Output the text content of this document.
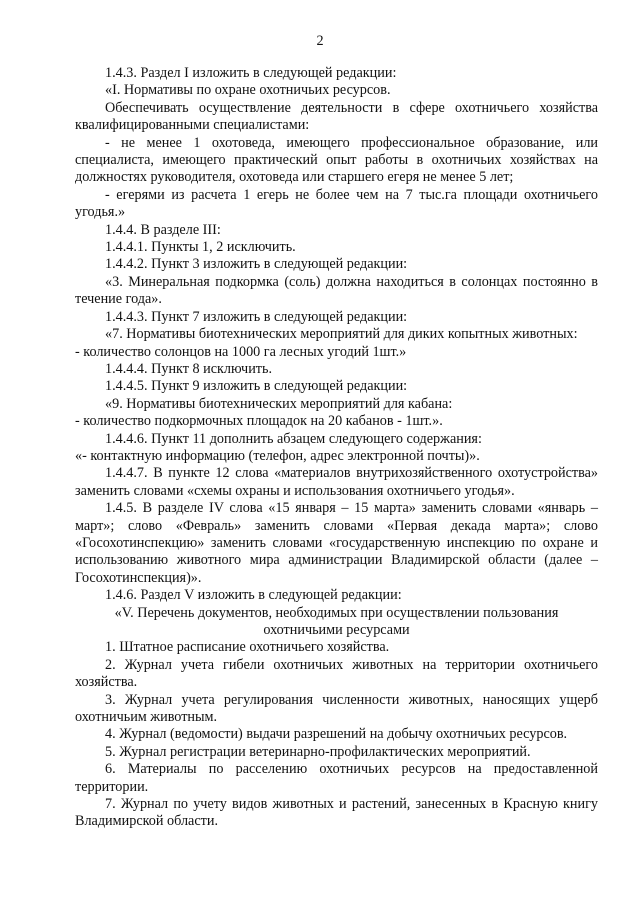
2

1.4.3. Раздел I изложить в следующей редакции:

«I. Нормативы по охране охотничьих ресурсов.

Обеспечивать осуществление деятельности в сфере охотничьего хозяйства квалифицированными специалистами:

- не менее 1 охотоведа, имеющего профессиональное образование, или специалиста, имеющего практический опыт работы в охотничьих хозяйствах на должностях руководителя, охотоведа или старшего егеря не менее 5 лет;

- егерями из расчета 1 егерь не более чем на 7 тыс.га площади охотничьего угодья.»

1.4.4. В разделе III:

1.4.4.1. Пункты 1, 2 исключить.

1.4.4.2. Пункт 3 изложить в следующей редакции:

«3. Минеральная подкормка (соль) должна находиться в солонцах постоянно в течение года».

1.4.4.3. Пункт 7 изложить в следующей редакции:

«7. Нормативы биотехнических мероприятий для диких копытных животных:

- количество солонцов на 1000 га лесных угодий 1шт.»

1.4.4.4. Пункт 8 исключить.

1.4.4.5. Пункт 9 изложить в следующей редакции:

«9. Нормативы биотехнических мероприятий для кабана:

- количество подкормочных площадок на 20 кабанов - 1шт.».

1.4.4.6. Пункт 11 дополнить абзацем следующего содержания:

«- контактную информацию (телефон, адрес электронной почты)».

1.4.4.7. В пункте 12 слова «материалов внутрихозяйственного охотустройства» заменить словами «схемы охраны и использования охотничьего угодья».

1.4.5. В разделе IV слова «15 января – 15 марта» заменить словами «январь – март»; слово «Февраль» заменить словами «Первая декада марта»; слово «Госохотинспекцию» заменить словами «государственную инспекцию по охране и использованию животного мира администрации Владимирской области (далее – Госохотинспекция)».

1.4.6. Раздел V изложить в следующей редакции:

«V. Перечень документов, необходимых при осуществлении пользования охотничьими ресурсами

1. Штатное расписание охотничьего хозяйства.

2. Журнал учета гибели охотничьих животных на территории охотничьего хозяйства.

3. Журнал учета регулирования численности животных, наносящих ущерб охотничьим животным.

4. Журнал (ведомости) выдачи разрешений на добычу охотничьих ресурсов.

5. Журнал регистрации ветеринарно-профилактических мероприятий.

6. Материалы по расселению охотничьих ресурсов на предоставленной территории.

7. Журнал по учету видов животных и растений, занесенных в Красную книгу Владимирской области.
